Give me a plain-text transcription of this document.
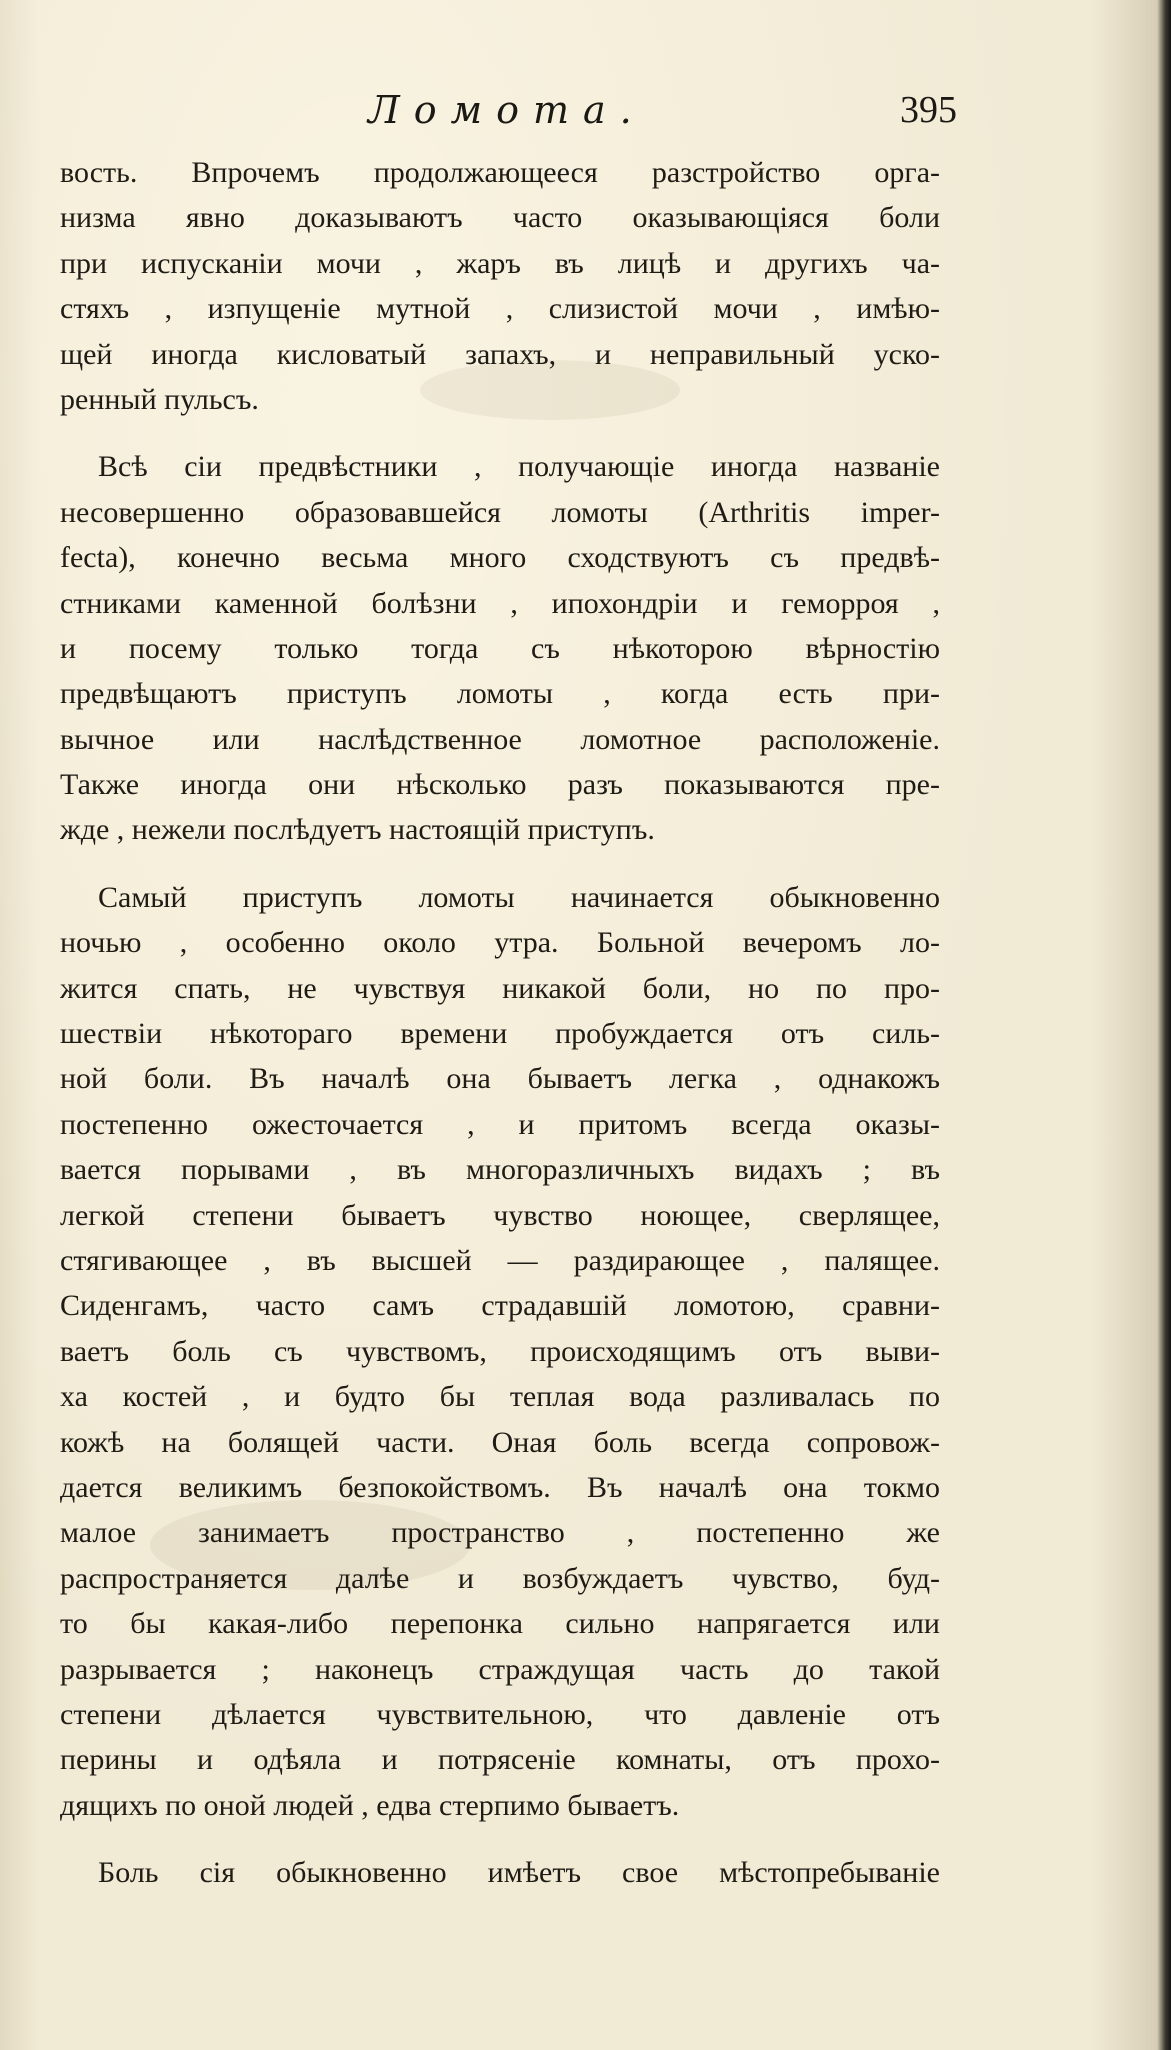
Ломота.	395
вость. Впрочемъ продолжающееся разстройство орга-
низма явно доказываютъ часто оказывающіяся боли
при испусканіи мочи , жаръ въ лицѣ и другихъ ча-
стяхъ , изпущеніе мутной , слизистой мочи , имѣю-
щей иногда кисловатый запахъ, и неправильный уско-
ренный пульсъ.
Всѣ сіи предвѣстники , получающіе иногда названіе
несовершенно образовавшейся ломоты (Arthritis imper-
fecta), конечно весьма много сходствуютъ съ предвѣ-
стниками каменной болѣзни , ипохондріи и геморроя ,
и посему только тогда съ нѣкоторою вѣрностію
предвѣщаютъ приступъ ломоты , когда есть при-
вычное или наслѣдственное ломотное расположеніе.
Также иногда они нѣсколько разъ показываются пре-
жде , нежели послѣдуетъ настоящій приступъ.
Самый приступъ ломоты начинается обыкновенно
ночью , особенно около утра. Больной вечеромъ ло-
жится спать, не чувствуя никакой боли, но по про-
шествіи нѣкотораго времени пробуждается отъ силь-
ной боли. Въ началѣ она бываетъ легка , однакожъ
постепенно ожесточается , и притомъ всегда оказы-
вается порывами , въ многоразличныхъ видахъ ; въ
легкой степени бываетъ чувство ноющее, сверлящее,
стягивающее , въ высшей — раздирающее , палящее.
Сиденгамъ, часто самъ страдавшій ломотою, сравни-
ваетъ боль съ чувствомъ, происходящимъ отъ выви-
ха костей , и будто бы теплая вода разливалась по
кожѣ на болящей части. Оная боль всегда сопровож-
дается великимъ безпокойствомъ. Въ началѣ она токмо
малое занимаетъ пространство , постепенно же
распространяется далѣе и возбуждаетъ чувство, буд-
то бы какая-либо перепонка сильно напрягается или
разрывается ; наконецъ страждущая часть до такой
степени дѣлается чувствительною, что давленіе отъ
перины и одѣяла и потрясеніе комнаты, отъ прохо-
дящихъ по оной людей , едва стерпимо бываетъ.
Боль сія обыкновенно имѣетъ свое мѣстопребываніе
